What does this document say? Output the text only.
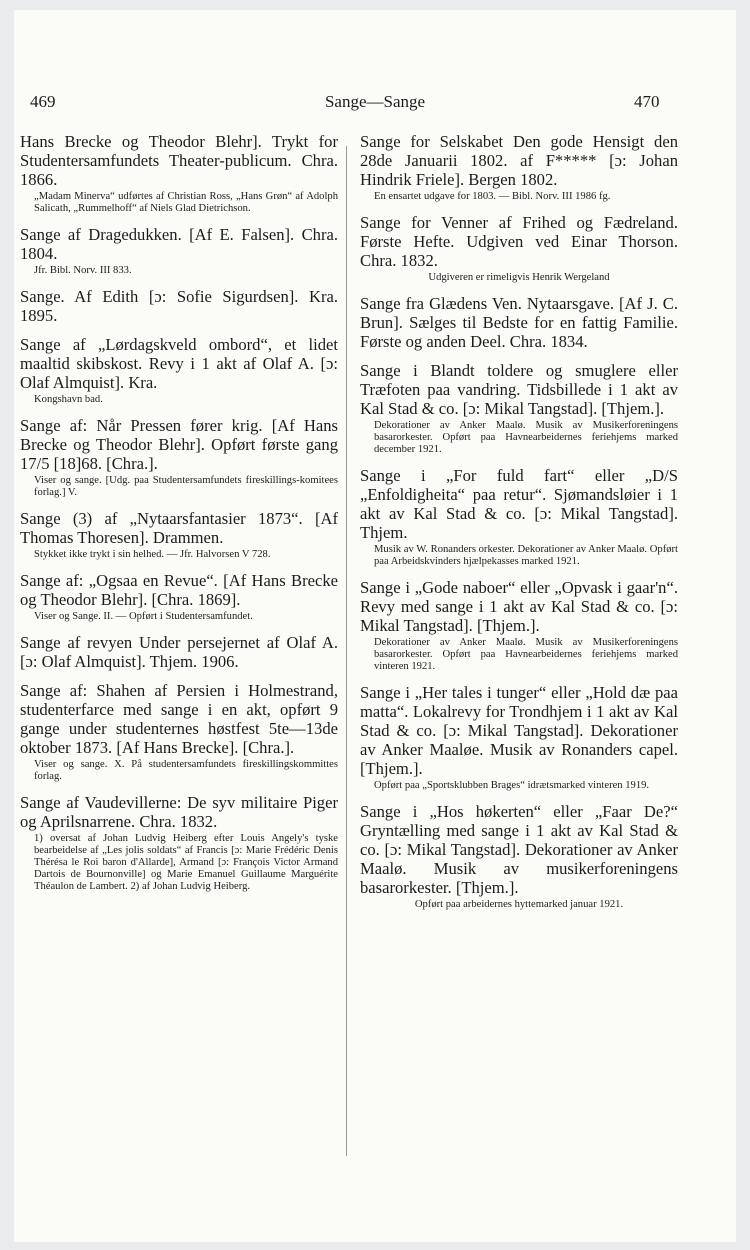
469	Sange—Sange	470
Hans Brecke og Theodor Blehr]. Trykt for Studentersamfundets Theater-publicum. Chra. 1866.
„Madam Minerva“ udførtes af Christian Ross, „Hans Grøn“ af Adolph Salicath, „Rummelhoff“ af Niels Glad Dietrichson.
Sange af Dragedukken. [Af E. Falsen]. Chra. 1804.
Jfr. Bibl. Norv. III 833.
Sange. Af Edith [ɔ: Sofie Sigurdsen]. Kra. 1895.
Sange af „Lørdagskveld ombord“, et lidet maaltid skibskost. Revy i 1 akt af Olaf A. [ɔ: Olaf Almquist]. Kra.
Kongshavn bad.
Sange af: Når Pressen fører krig. [Af Hans Brecke og Theodor Blehr]. Opført første gang 17/5 [18]68. [Chra.].
Viser og sange. [Udg. paa Studentersamfundets fireskillings-komitees forlag.] V.
Sange (3) af „Nytaarsfantasier 1873“. [Af Thomas Thoresen]. Drammen.
Stykket ikke trykt i sin helhed. — Jfr. Halvorsen V 728.
Sange af: „Ogsaa en Revue“. [Af Hans Brecke og Theodor Blehr]. [Chra. 1869].
Viser og Sange. II. — Opført i Studentersamfundet.
Sange af revyen Under persejernet af Olaf A. [ɔ: Olaf Almquist]. Thjem. 1906.
Sange af: Shahen af Persien i Holmestrand, studenterfarce med sange i en akt, opført 9 gange under studenternes høstfest 5te—13de oktober 1873. [Af Hans Brecke]. [Chra.].
Viser og sange. X. På studentersamfundets fireskillingskommittes forlag.
Sange af Vaudevillerne: De syv militaire Piger og Aprilsnarrene. Chra. 1832.
1) oversat af Johan Ludvig Heiberg efter Louis Angely's tyske bearbeidelse af „Les jolis soldats“ af Francis [ɔ: Marie Frédéric Denis Thérésa le Roi baron d'Allarde], Armand [ɔ: François Victor Armand Dartois de Bournonville] og Marie Emanuel Guillaume Marguérite Théaulon de Lambert. 2) af Johan Ludvig Heiberg.
Sange for Selskabet Den gode Hensigt den 28de Januarii 1802. af F***** [ɔ: Johan Hindrik Friele]. Bergen 1802.
En ensartet udgave for 1803. — Bibl. Norv. III 1986 fg.
Sange for Venner af Frihed og Fædreland. Første Hefte. Udgiven ved Einar Thorson. Chra. 1832.
Udgiveren er rimeligvis Henrik Wergeland
Sange fra Glædens Ven. Nytaarsgave. [Af J. C. Brun]. Sælges til Bedste for en fattig Familie. Første og anden Deel. Chra. 1834.
Sange i Blandt toldere og smuglere eller Træfoten paa vandring. Tidsbillede i 1 akt av Kal Stad & co. [ɔ: Mikal Tangstad]. [Thjem.].
Dekorationer av Anker Maalø. Musik av Musikerforeningens basarorkester. Opført paa Havnearbeidernes feriehjems marked december 1921.
Sange i „For fuld fart“ eller „D/S „Enfoldigheita“ paa retur“. Sjømandsløier i 1 akt av Kal Stad & co. [ɔ: Mikal Tangstad]. Thjem.
Musik av W. Ronanders orkester. Dekorationer av Anker Maalø. Opført paa Arbeidskvinders hjælpekasses marked 1921.
Sange i „Gode naboer“ eller „Opvask i gaar'n“. Revy med sange i 1 akt av Kal Stad & co. [ɔ: Mikal Tangstad]. [Thjem.].
Dekorationer av Anker Maalø. Musik av Musikerforeningens basarorkester. Opført paa Havnearbeidernes feriehjems marked vinteren 1921.
Sange i „Her tales i tunger“ eller „Hold dæ paa matta“. Lokalrevy for Trondhjem i 1 akt av Kal Stad & co. [ɔ: Mikal Tangstad]. Dekorationer av Anker Maaløe. Musik av Ronanders capel. [Thjem.].
Opført paa „Sportsklubben Brages“ idrætsmarked vinteren 1919.
Sange i „Hos høkerten“ eller „Faar De?“ Gryntælling med sange i 1 akt av Kal Stad & co. [ɔ: Mikal Tangstad]. Dekorationer av Anker Maalø. Musik av musikerforeningens basarorkester. [Thjem.].
Opført paa arbeidernes hyttemarked januar 1921.
